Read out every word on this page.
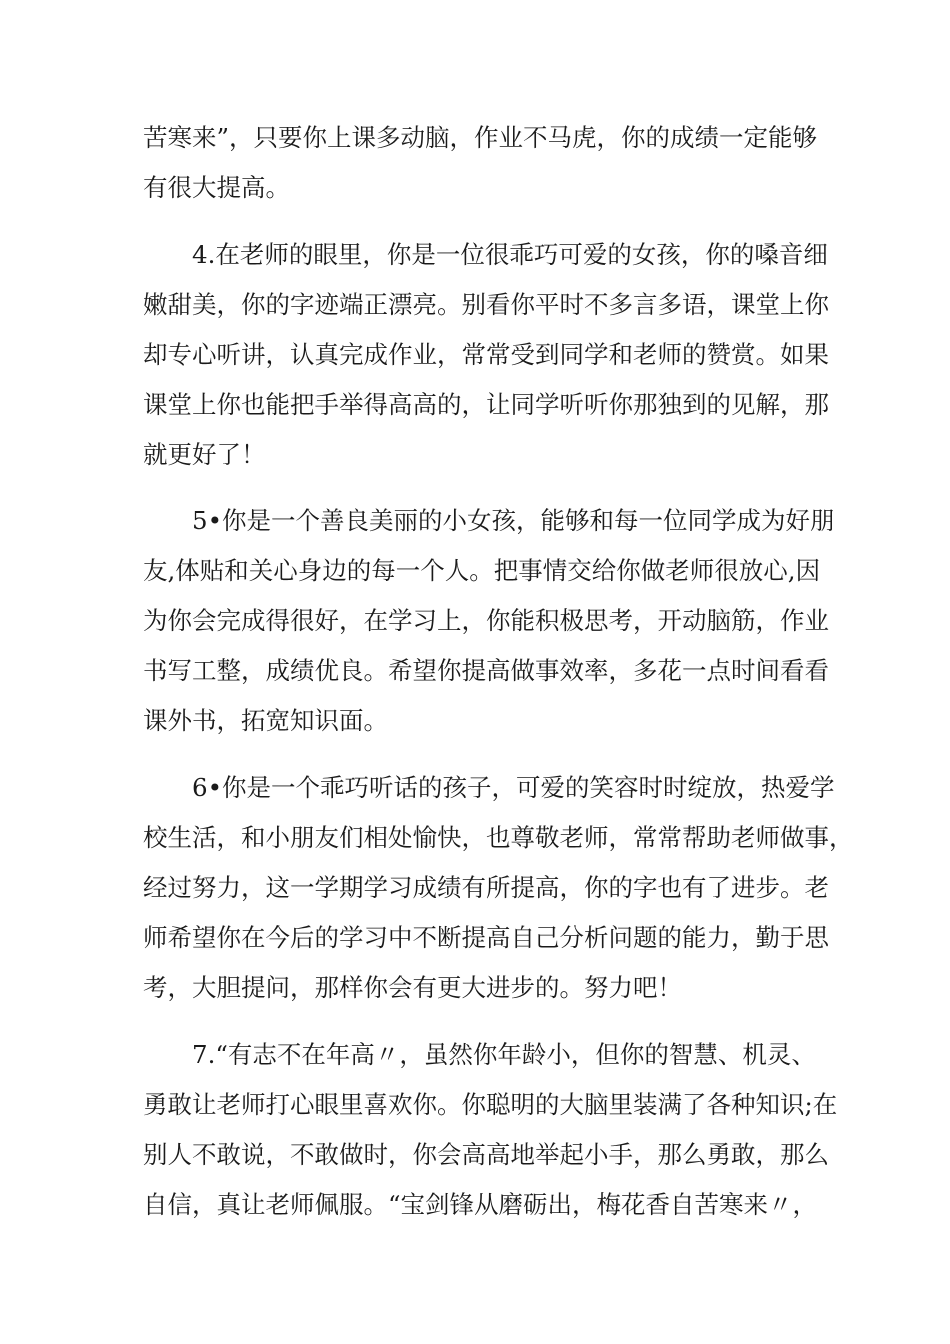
苦寒来”，只要你上课多动脑，作业不马虎，你的成绩一定能够
有很大提高。
4.在老师的眼里，你是一位很乖巧可爱的女孩，你的嗓音细
嫩甜美，你的字迹端正漂亮。别看你平时不多言多语，课堂上你
却专心听讲，认真完成作业，常常受到同学和老师的赞赏。如果
课堂上你也能把手举得高高的，让同学听听你那独到的见解，那
就更好了！
5•你是一个善良美丽的小女孩，能够和每一位同学成为好朋
友,体贴和关心身边的每一个人。把事情交给你做老师很放心,因
为你会完成得很好，在学习上，你能积极思考，开动脑筋，作业
书写工整，成绩优良。希望你提高做事效率，多花一点时间看看
课外书，拓宽知识面。
6•你是一个乖巧听话的孩子，可爱的笑容时时绽放，热爱学
校生活，和小朋友们相处愉快，也尊敬老师，常常帮助老师做事，
经过努力，这一学期学习成绩有所提高，你的字也有了进步。老
师希望你在今后的学习中不断提高自己分析问题的能力，勤于思
考，大胆提问，那样你会有更大进步的。努力吧！
7.“有志不在年高〃，虽然你年龄小，但你的智慧、机灵、
勇敢让老师打心眼里喜欢你。你聪明的大脑里装满了各种知识;在
别人不敢说，不敢做时，你会高高地举起小手，那么勇敢，那么
自信，真让老师佩服。“宝剑锋从磨砺出，梅花香自苦寒来〃，
